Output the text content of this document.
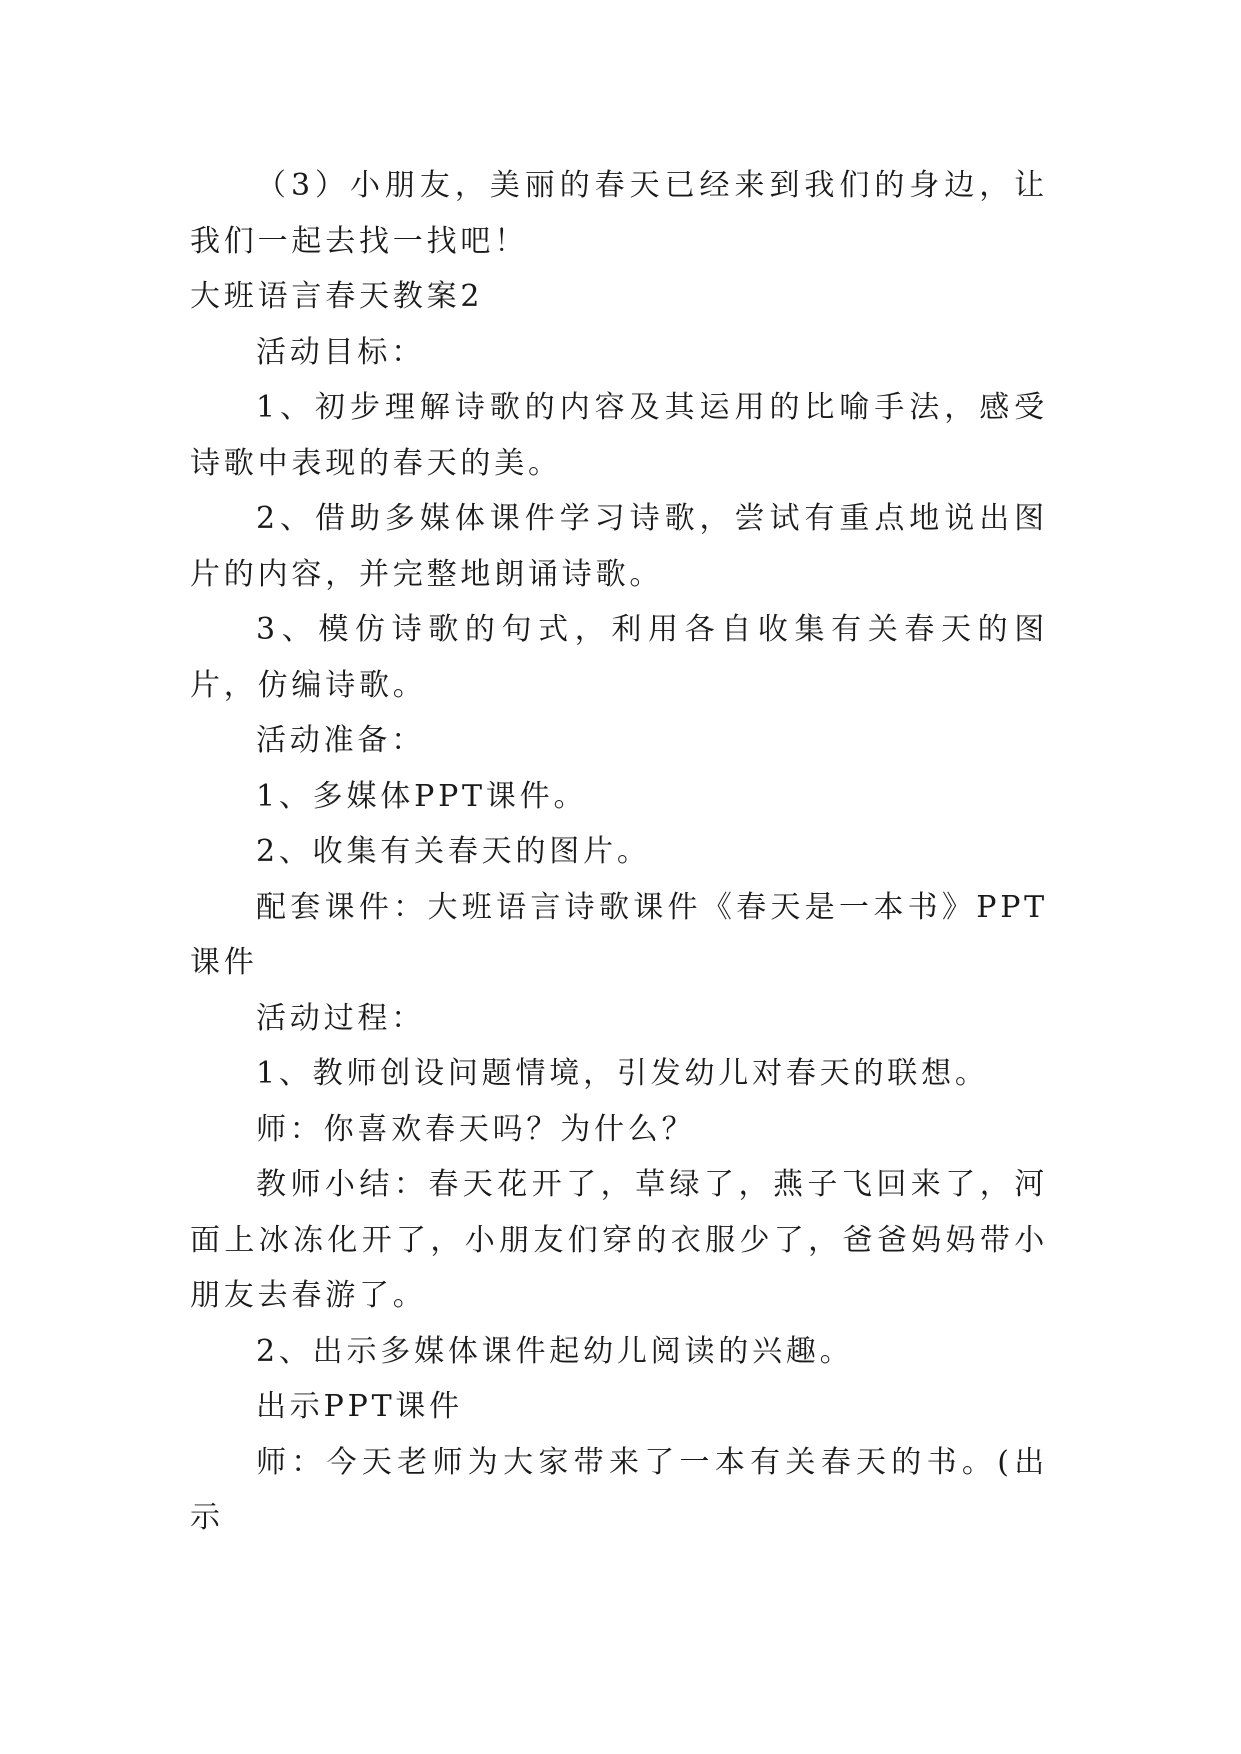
（3）小朋友，美丽的春天已经来到我们的身边，让我们一起去找一找吧！

大班语言春天教案2

活动目标：

1、初步理解诗歌的内容及其运用的比喻手法，感受诗歌中表现的春天的美。

2、借助多媒体课件学习诗歌，尝试有重点地说出图片的内容，并完整地朗诵诗歌。

3、模仿诗歌的句式，利用各自收集有关春天的图片，仿编诗歌。

活动准备：

1、多媒体PPT课件。

2、收集有关春天的图片。

配套课件：大班语言诗歌课件《春天是一本书》PPT课件

活动过程：

1、教师创设问题情境，引发幼儿对春天的联想。

师：你喜欢春天吗？为什么？

教师小结：春天花开了，草绿了，燕子飞回来了，河面上冰冻化开了，小朋友们穿的衣服少了，爸爸妈妈带小朋友去春游了。

2、出示多媒体课件起幼儿阅读的兴趣。

出示PPT课件

师：今天老师为大家带来了一本有关春天的书。(出示
